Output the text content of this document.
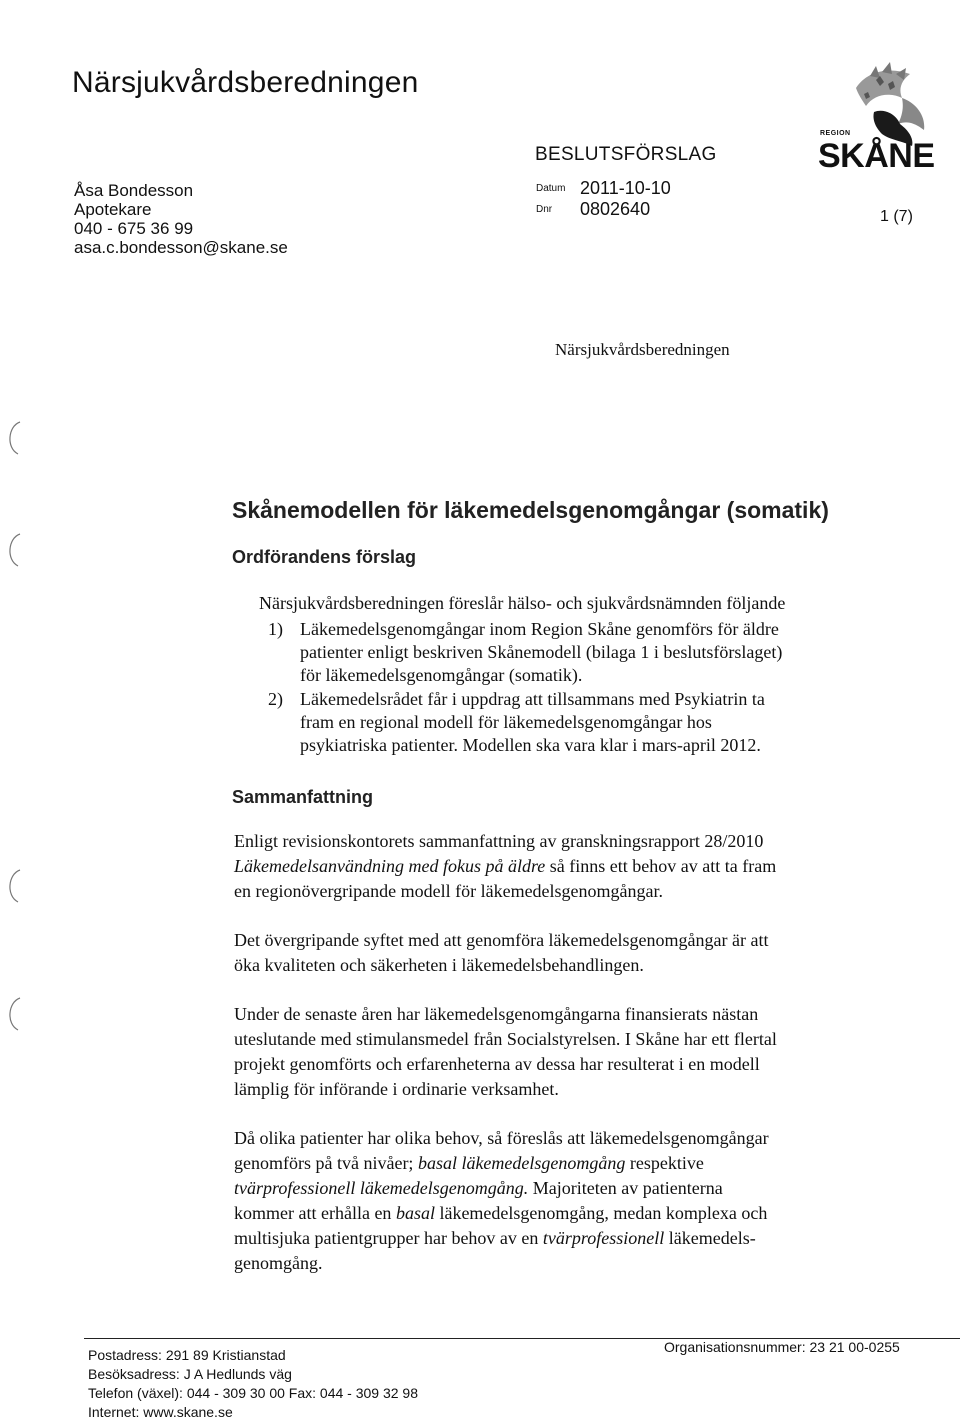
Närsjukvårdsberedningen
Åsa Bondesson
Apotekare
040 - 675 36 99
asa.c.bondesson@skane.se
BESLUTSFÖRSLAG
Datum 2011-10-10
Dnr 0802640	1 (7)
REGION
SKÅNE
Närsjukvårdsberedningen
Skånemodellen för läkemedelsgenomgångar (somatik)
Ordförandens förslag
Närsjukvårdsberedningen föreslår hälso- och sjukvårdsnämnden följande
1) Läkemedelsgenomgångar inom Region Skåne genomförs för äldre
patienter enligt beskriven Skånemodell (bilaga 1 i beslutsförslaget)
för läkemedelsgenomgångar (somatik).
2) Läkemedelsrådet får i uppdrag att tillsammans med Psykiatrin ta
fram en regional modell för läkemedelsgenomgångar hos
psykiatriska patienter. Modellen ska vara klar i mars-april 2012.
Sammanfattning
Enligt revisionskontorets sammanfattning av granskningsrapport 28/2010
Läkemedelsanvändning med fokus på äldre så finns ett behov av att ta fram
en regionövergripande modell för läkemedelsgenomgångar.
Det övergripande syftet med att genomföra läkemedelsgenomgångar är att
öka kvaliteten och säkerheten i läkemedelsbehandlingen.
Under de senaste åren har läkemedelsgenomgångarna finansierats nästan
uteslutande med stimulansmedel från Socialstyrelsen. I Skåne har ett flertal
projekt genomförts och erfarenheterna av dessa har resulterat i en modell
lämplig för införande i ordinarie verksamhet.
Då olika patienter har olika behov, så föreslås att läkemedelsgenomgångar
genomförs på två nivåer; basal läkemedelsgenomgång respektive
tvärprofessionell läkemedelsgenomgång. Majoriteten av patienterna
kommer att erhålla en basal läkemedelsgenomgång, medan komplexa och
multisjuka patientgrupper har behov av en tvärprofessionell läkemedels-
genomgång.
Postadress: 291 89 Kristianstad
Besöksadress: J A Hedlunds väg
Telefon (växel): 044 - 309 30 00 Fax: 044 - 309 32 98
Internet: www.skane.se
Organisationsnummer: 23 21 00-0255
